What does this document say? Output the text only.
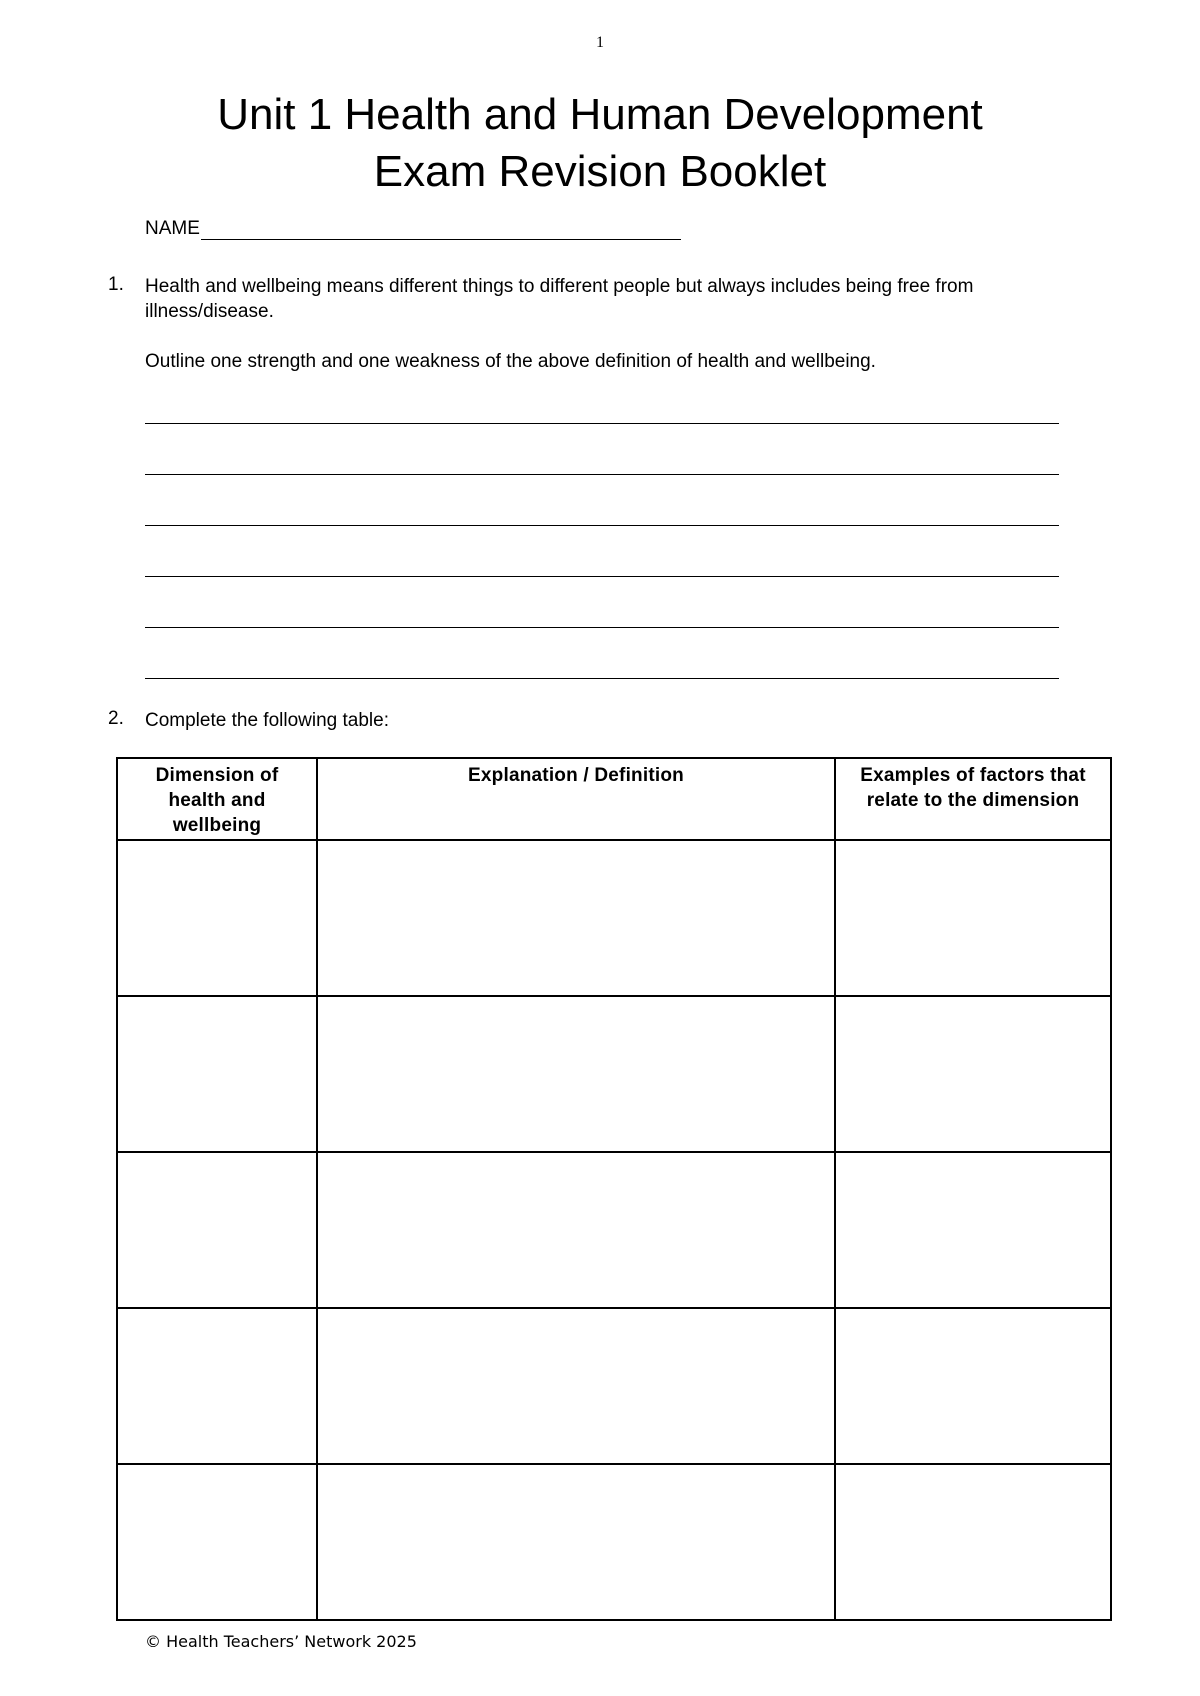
1
Unit 1 Health and Human Development
Exam Revision Booklet
NAME
1. Health and wellbeing means different things to different people but always includes being free from illness/disease.
Outline one strength and one weakness of the above definition of health and wellbeing.
2. Complete the following table:
Dimension of health and wellbeing	Explanation / Definition	Examples of factors that relate to the dimension

© Health Teachers’ Network 2025
